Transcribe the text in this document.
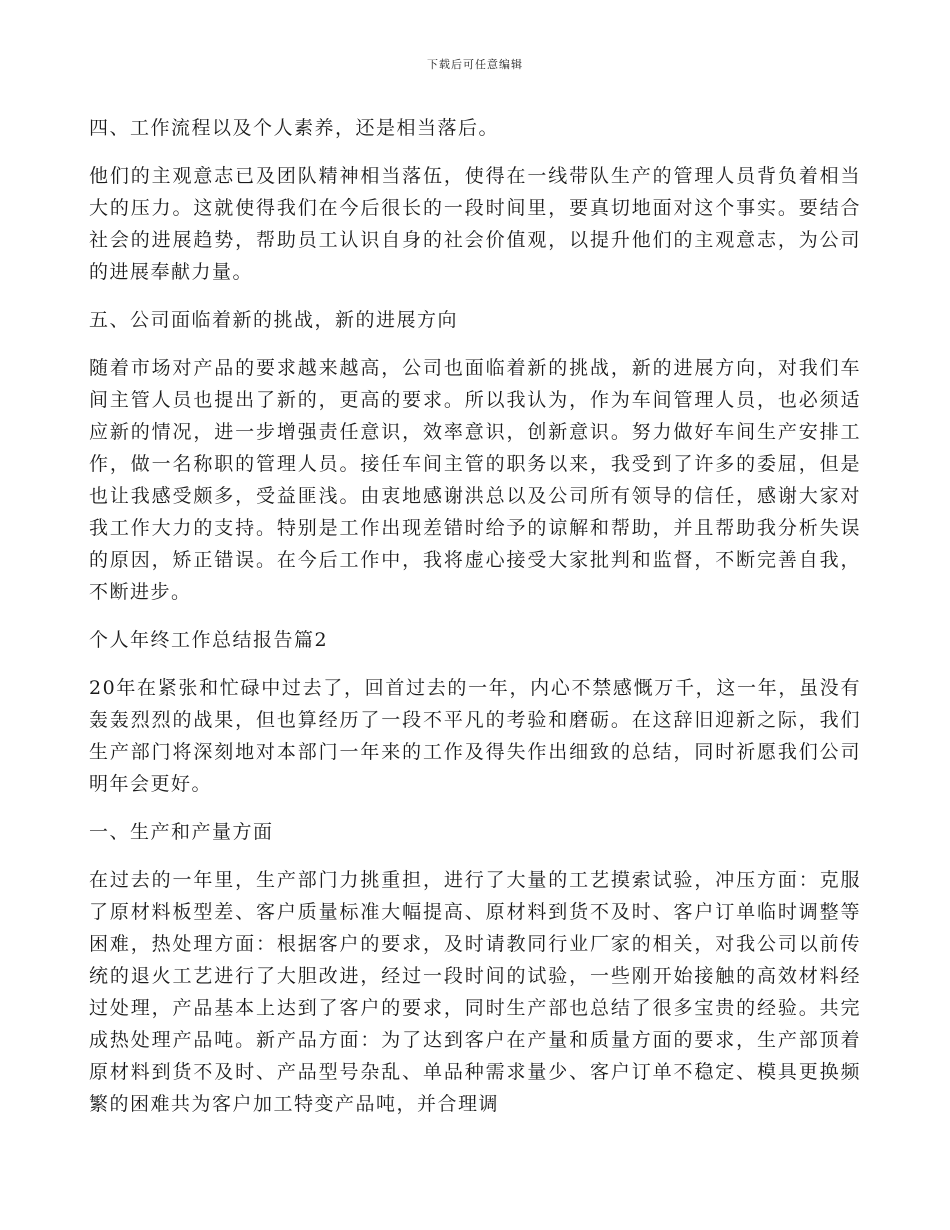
下载后可任意编辑

四、工作流程以及个人素养，还是相当落后。

他们的主观意志已及团队精神相当落伍，使得在一线带队生产的管理人员背负着相当大的压力。这就使得我们在今后很长的一段时间里，要真切地面对这个事实。要结合社会的进展趋势，帮助员工认识自身的社会价值观，以提升他们的主观意志，为公司的进展奉献力量。

五、公司面临着新的挑战，新的进展方向

随着市场对产品的要求越来越高，公司也面临着新的挑战，新的进展方向，对我们车间主管人员也提出了新的，更高的要求。所以我认为，作为车间管理人员，也必须适应新的情况，进一步增强责任意识，效率意识，创新意识。努力做好车间生产安排工作，做一名称职的管理人员。接任车间主管的职务以来，我受到了许多的委屈，但是也让我感受颇多，受益匪浅。由衷地感谢洪总以及公司所有领导的信任，感谢大家对我工作大力的支持。特别是工作出现差错时给予的谅解和帮助，并且帮助我分析失误的原因，矫正错误。在今后工作中，我将虚心接受大家批判和监督，不断完善自我，不断进步。

个人年终工作总结报告篇2

20年在紧张和忙碌中过去了，回首过去的一年，内心不禁感慨万千，这一年，虽没有轰轰烈烈的战果，但也算经历了一段不平凡的考验和磨砺。在这辞旧迎新之际，我们生产部门将深刻地对本部门一年来的工作及得失作出细致的总结，同时祈愿我们公司明年会更好。

一、生产和产量方面

在过去的一年里，生产部门力挑重担，进行了大量的工艺摸索试验，冲压方面：克服了原材料板型差、客户质量标准大幅提高、原材料到货不及时、客户订单临时调整等困难，热处理方面：根据客户的要求，及时请教同行业厂家的相关，对我公司以前传统的退火工艺进行了大胆改进，经过一段时间的试验，一些刚开始接触的高效材料经过处理，产品基本上达到了客户的要求，同时生产部也总结了很多宝贵的经验。共完成热处理产品吨。新产品方面：为了达到客户在产量和质量方面的要求，生产部顶着原材料到货不及时、产品型号杂乱、单品种需求量少、客户订单不稳定、模具更换频繁的困难共为客户加工特变产品吨，并合理调
